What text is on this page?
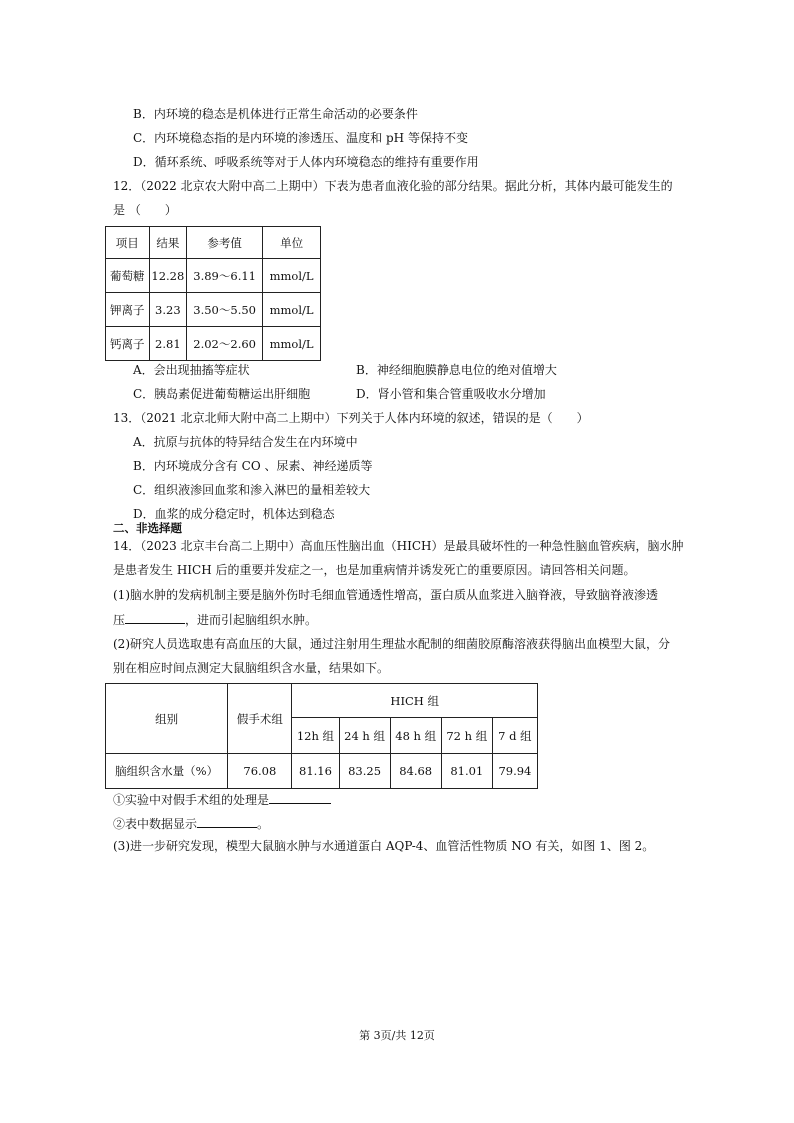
B．内环境的稳态是机体进行正常生命活动的必要条件
C．内环境稳态指的是内环境的渗透压、温度和 pH 等保持不变
D．循环系统、呼吸系统等对于人体内环境稳态的维持有重要作用
12．（2022 北京农大附中高二上期中）下表为患者血液化验的部分结果。据此分析，其体内最可能发生的
是 （　　）
项目	结果	参考值	单位
葡萄糖	12.28	3.89～6.11	mmol/L
钾离子	3.23	3.50～5.50	mmol/L
钙离子	2.81	2.02～2.60	mmol/L
A．会出现抽搐等症状	B．神经细胞膜静息电位的绝对值增大
C．胰岛素促进葡萄糖运出肝细胞	D．肾小管和集合管重吸收水分增加
13．（2021 北京北师大附中高二上期中）下列关于人体内环境的叙述，错误的是（　　）
A．抗原与抗体的特异结合发生在内环境中
B．内环境成分含有 CO 、尿素、神经递质等
C．组织液渗回血浆和渗入淋巴的量相差较大
D．血浆的成分稳定时，机体达到稳态
二、非选择题
14．（2023 北京丰台高二上期中）高血压性脑出血（HICH）是最具破坏性的一种急性脑血管疾病，脑水肿
是患者发生 HICH 后的重要并发症之一，也是加重病情并诱发死亡的重要原因。请回答相关问题。
(1)脑水肿的发病机制主要是脑外伤时毛细血管通透性增高，蛋白质从血浆进入脑脊液，导致脑脊液渗透
压	，进而引起脑组织水肿。
(2)研究人员选取患有高血压的大鼠，通过注射用生理盐水配制的细菌胶原酶溶液获得脑出血模型大鼠，分
别在相应时间点测定大鼠脑组织含水量，结果如下。
组别	假手术组	HICH 组				
		12h 组	24 h 组	48 h 组	72 h 组	7 d 组
脑组织含水量（%）	76.08	81.16	83.25	84.68	81.01	79.94
①实验中对假手术组的处理是
②表中数据显示	。
(3)进一步研究发现，模型大鼠脑水肿与水通道蛋白 AQP-4、血管活性物质 NO 有关，如图 1、图 2。
第 3页/共 12页
